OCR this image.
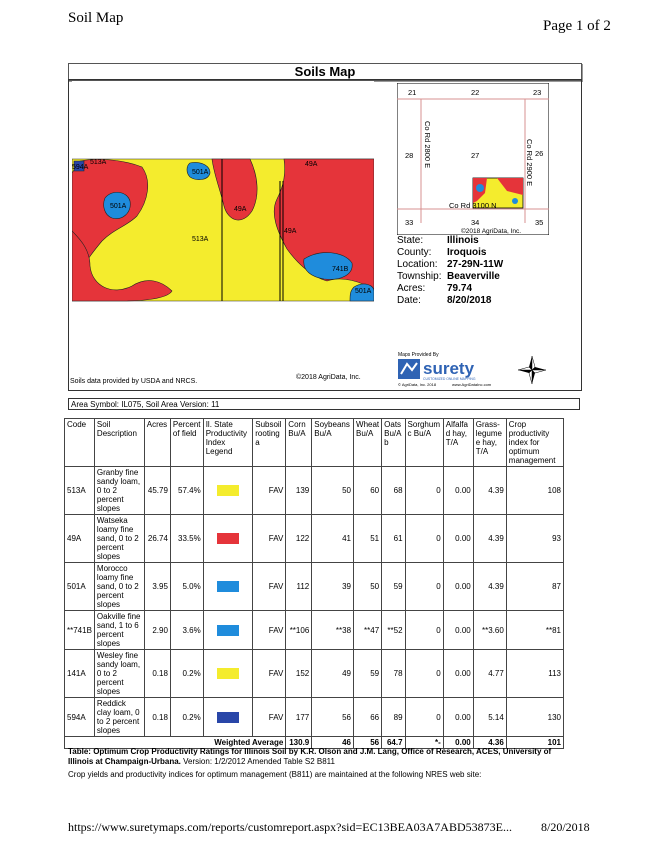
Soil Map	Page 1 of 2
Soils Map
594A
513A
501A
501A
49A
513A
49A
49A
741B
501A
21	22	23
28	27	26
33	34	35
Co Rd 2800 E	Co Rd 2900 E
Co Rd 3100 N
©2018 AgriData, Inc.
State:	Illinois
County:	Iroquois
Location: 27-29N-11W
Township: Beaverville
Acres:	79.74
Date:	8/20/2018
Maps Provided By
surety
CUSTOMIZED ONLINE MAPPING
© AgriData, Inc. 2018	www.AgriDataInc.com
Soils data provided by USDA and NRCS.
©2018 AgriData, Inc.
Area Symbol: IL075, Soil Area Version: 11
Code	Soil Description	Acres	Percent of field	Il. State Productivity Index Legend	Subsoil rooting a	Corn Bu/A	Soybeans Bu/A	Wheat Bu/A	Oats Bu/A b	Sorghum c Bu/A	Alfalfa d hay, T/A	Grass-legume e hay, T/A	Crop productivity index for optimum management
513A	Granby fine sandy loam, 0 to 2 percent slopes	45.79	57.4%		FAV	139	50	60	68	0	0.00	4.39	108
49A	Watseka loamy fine sand, 0 to 2 percent slopes	26.74	33.5%		FAV	122	41	51	61	0	0.00	4.39	93
501A	Morocco loamy fine sand, 0 to 2 percent slopes	3.95	5.0%		FAV	112	39	50	59	0	0.00	4.39	87
**741B	Oakville fine sand, 1 to 6 percent slopes	2.90	3.6%		FAV	**106	**38	**47	**52	0	0.00	**3.60	**81
141A	Wesley fine sandy loam, 0 to 2 percent slopes	0.18	0.2%		FAV	152	49	59	78	0	0.00	4.77	113
594A	Reddick clay loam, 0 to 2 percent slopes	0.18	0.2%		FAV	177	56	66	89	0	0.00	5.14	130
Weighted Average						130.9	46	56	64.7	*-	0.00	4.36	101
Table: Optimum Crop Productivity Ratings for Illinois Soil by K.R. Olson and J.M. Lang, Office of Research, ACES, University of Illinois at Champaign-Urbana. Version: 1/2/2012 Amended Table S2 B811
Crop yields and productivity indices for optimum management (B811) are maintained at the following NRES web site:
https://www.suretymaps.com/reports/customreport.aspx?sid=EC13BEA03A7ABD53873E... 8/20/2018
